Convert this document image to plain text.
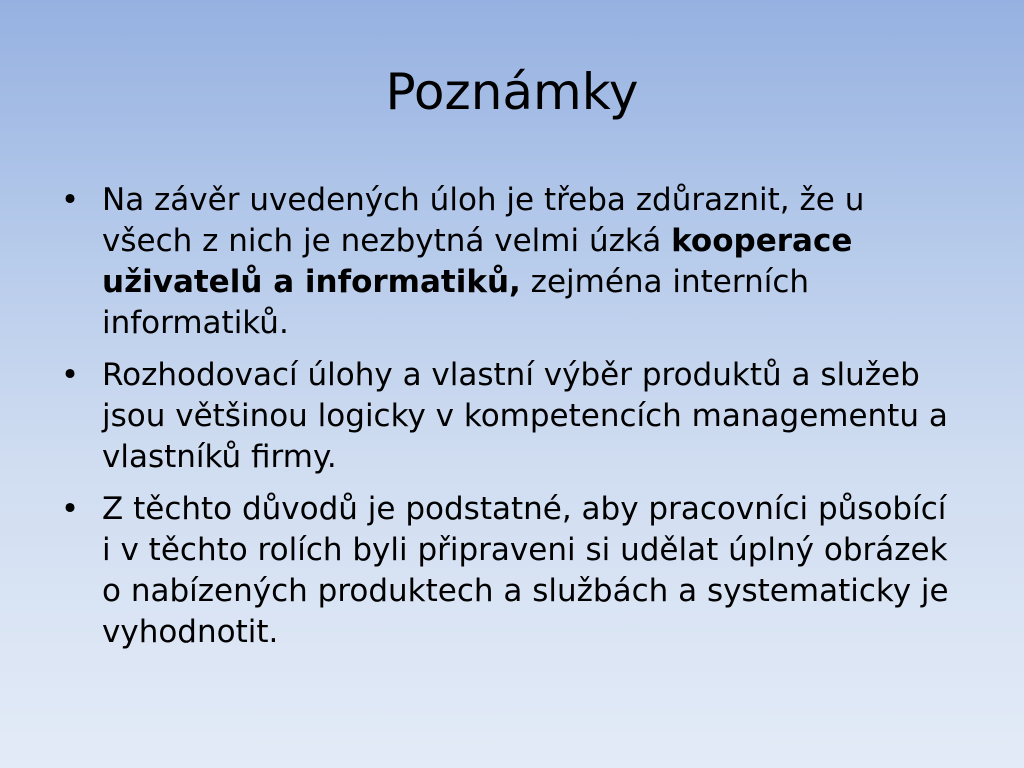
Poznámky
• Na závěr uvedených úloh je třeba zdůraznit, že u všech z nich je nezbytná velmi úzká kooperace uživatelů a informatiků, zejména interních informatiků.
• Rozhodovací úlohy a vlastní výběr produktů a služeb jsou většinou logicky v kompetencích managementu a vlastníků firmy.
• Z těchto důvodů je podstatné, aby pracovníci působící i v těchto rolích byli připraveni si udělat úplný obrázek o nabízených produktech a službách a systematicky je vyhodnotit.
